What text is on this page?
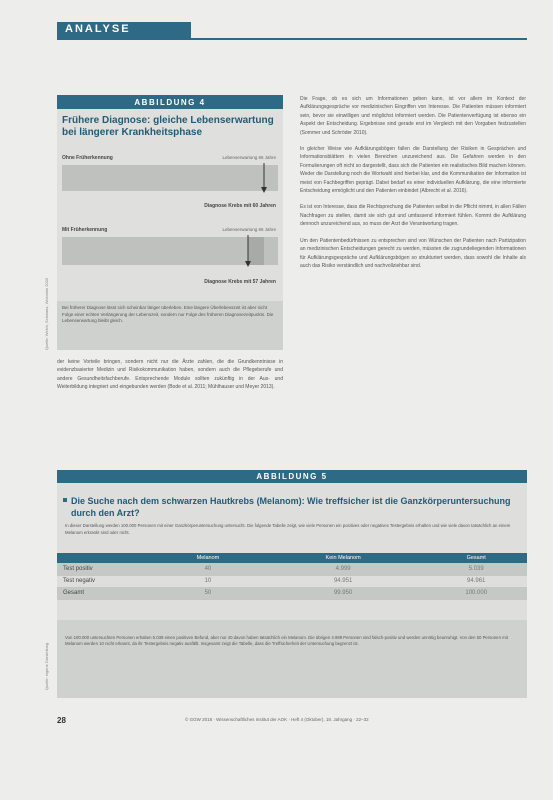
ANALYSE
ABBILDUNG 4
Frühere Diagnose: gleiche Lebenserwartung bei längerer Krankheitsphase
Ohne Früherkennung	Lebenserwartung 65 Jahre
Diagnose Krebs mit 60 Jahren
Mit Früherkennung	Lebenserwartung 65 Jahre
Diagnose Krebs mit 57 Jahren
Bei früherer Diagnose lässt sich scheinbar länger überleben. Eine längere Überlebenszeit ist aber nicht Folge einer echten Verlängerung der Lebenszeit, sondern nur Folge des früheren Diagnosezeitpunkts. Die Lebenserwartung bleibt gleich.
Quelle: Welch, Schwartz, Woloshin 2000
der keine Vorteile bringen, sondern nicht nur die Ärzte zahlen, die die Grundkenntnisse in evidenzbasierter Medizin und Risikokommunikation haben, sondern auch die Pflegeberufe und andere Gesundheitsfachberufe. Entsprechende Module sollten zukünftig in der Aus- und Weiterbildung integriert und eingebunden werden (Bode et al. 2011; Mühlhauser und Meyer 2013).

Die Frage, ob es sich um Informationen geben kann, ist vor allem im Kontext der Aufklärungsgespräche vor medizinischen Eingriffen von Interesse. Die Patienten müssen informiert sein, bevor sie einwilligen und möglichst informiert werden. Die Patientenverfügung ist ebenso ein Aspekt der Entscheidung. Ergebnisse sind gerade erst im Vergleich mit den Vorgaben festzustellen (Sommer und Schröder 2010).

In gleicher Weise wie Aufklärungsbögen fallen die Darstellung der Risiken in Gesprächen und Informationsblättern in vielen Bereichen unzureichend aus. Die Gefahren werden in den Formulierungen oft nicht so dargestellt, dass sich die Patienten ein realistisches Bild machen können. Weder die Darstellung noch die Wortwahl sind hierbei klar, und die Kommunikation der Information ist meist von Fachbegriffen geprägt. Dabei bedarf es einer individuellen Aufklärung, die eine informierte Entscheidung ermöglicht und den Patienten einbindet (Albrecht et al. 2016).

Es ist von Interesse, dass die Rechtsprechung die Patienten selbst in die Pflicht nimmt, in allen Fällen Nachfragen zu stellen, damit sie sich gut und umfassend informiert fühlen. Kommt die Aufklärung dennoch unzureichend aus, so muss der Arzt die Verantwortung tragen.

Um den Patientenbedürfnissen zu entsprechen sind von Wünschen der Patienten nach Partizipation an medizinischen Entscheidungen gerecht zu werden, müssten die zugrundeliegenden Informationen für Aufklärungsgespräche und Aufklärungsbögen so strukturiert werden, dass sowohl die Inhalte als auch das Risiko verständlich und nachvollziehbar sind.

ABBILDUNG 5
Die Suche nach dem schwarzen Hautkrebs (Melanom): Wie treffsicher ist die Ganzkörperuntersuchung durch den Arzt?
In dieser Darstellung werden 100.000 Personen mit einer Ganzkörperuntersuchung untersucht. Die folgende Tabelle zeigt, wie viele Personen ein positives oder negatives Testergebnis erhalten und wie viele davon tatsächlich an einem Melanom erkrankt sind oder nicht.
	Melanom	Kein Melanom	Gesamt
Test positiv	40	4.999	5.039
Test negativ	10	94.951	94.961
Gesamt	50	99.950	100.000
Von 100.000 untersuchten Personen erhalten 5.039 einen positiven Befund, aber nur 40 davon haben tatsächlich ein Melanom. Die übrigen 4.999 Personen sind falsch-positiv und werden unnötig beunruhigt. Von den 50 Personen mit Melanom werden 10 nicht erkannt, da ihr Testergebnis negativ ausfällt. Insgesamt zeigt die Tabelle, dass die Treffsicherheit der Untersuchung begrenzt ist.
Quelle: eigene Darstellung
28	© GGW 2018 · Wissenschaftliches Institut der AOK · Heft 4 (Oktober), 18. Jahrgang · 22–32
